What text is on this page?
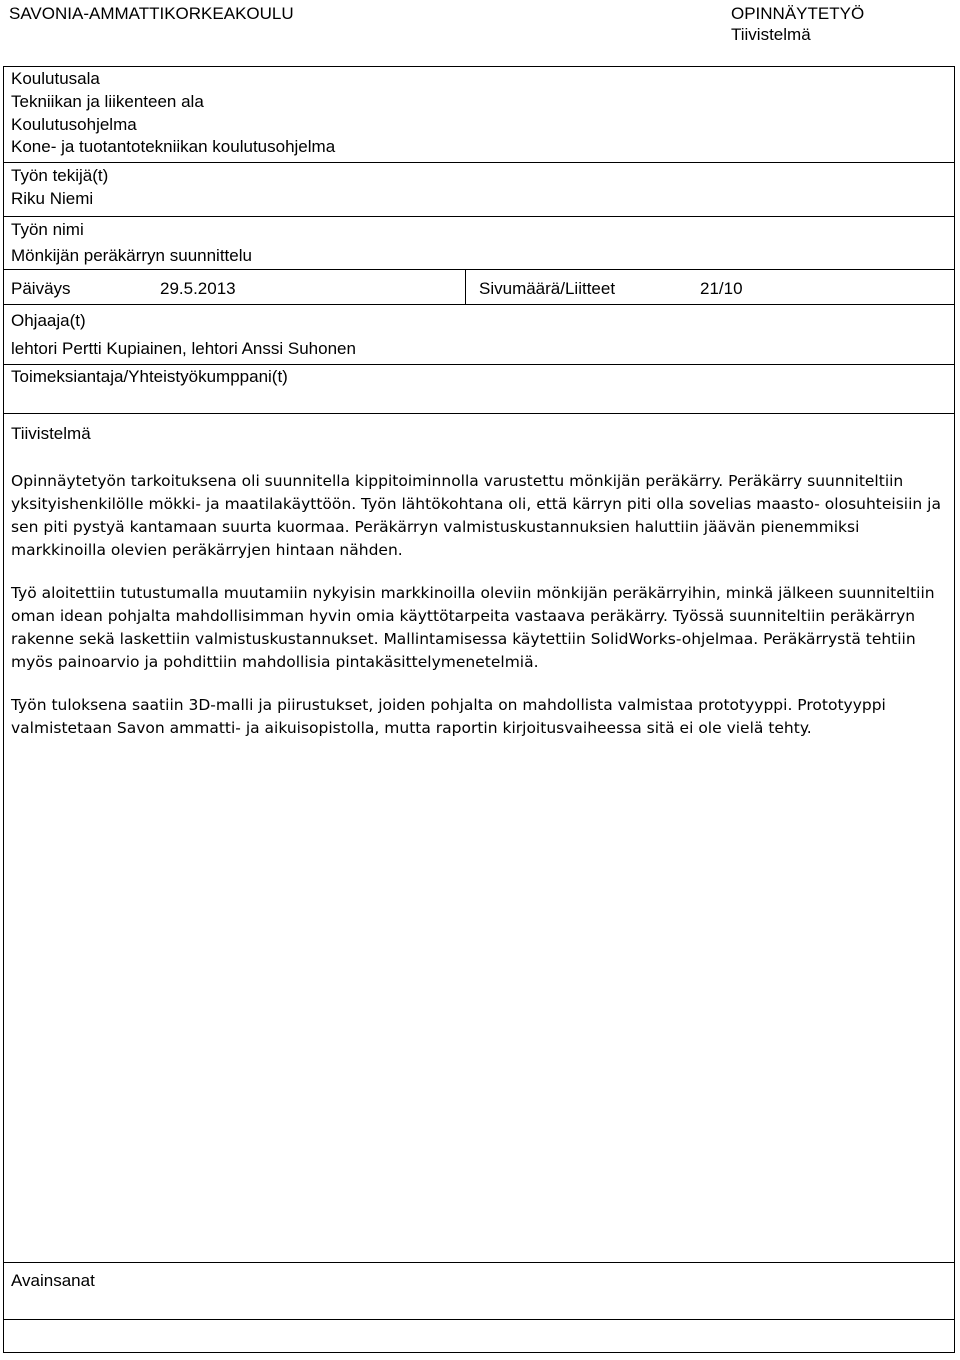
SAVONIA-AMMATTIKORKEAKOULU	OPINNÄYTETYÖ
Tiivistelmä
Koulutusala
Tekniikan ja liikenteen ala
Koulutusohjelma
Kone- ja tuotantotekniikan koulutusohjelma
Työn tekijä(t)
Riku Niemi
Työn nimi
Mönkijän peräkärryn suunnittelu
Päiväys	29.5.2013	Sivumäärä/Liitteet	21/10
Ohjaaja(t)
lehtori Pertti Kupiainen, lehtori Anssi Suhonen
Toimeksiantaja/Yhteistyökumppani(t)
Tiivistelmä

Opinnäytetyön tarkoituksena oli suunnitella kippitoiminnolla varustettu mönkijän peräkärry. Peräkärry suunniteltiin yksityishenkilölle mökki- ja maatilakäyttöön. Työn lähtökohtana oli, että kärryn piti olla sovelias maasto- olosuhteisiin ja sen piti pystyä kantamaan suurta kuormaa. Peräkärryn valmistuskustannuksien haluttiin jäävän pienemmiksi markkinoilla olevien peräkärryjen hintaan nähden.

Työ aloitettiin tutustumalla muutamiin nykyisin markkinoilla oleviin mönkijän peräkärryihin, minkä jälkeen suunniteltiin oman idean pohjalta mahdollisimman hyvin omia käyttötarpeita vastaava peräkärry. Työssä suunniteltiin peräkärryn rakenne sekä laskettiin valmistuskustannukset. Mallintamisessa käytettiin SolidWorks-ohjelmaa. Peräkärrystä tehtiin myös painoarvio ja pohdittiin mahdollisia pintakäsittelymenetelmiä.

Työn tuloksena saatiin 3D-malli ja piirustukset, joiden pohjalta on mahdollista valmistaa prototyyppi. Prototyyppi valmistetaan Savon ammatti- ja aikuisopistolla, mutta raportin kirjoitusvaiheessa sitä ei ole vielä tehty.

Avainsanat
